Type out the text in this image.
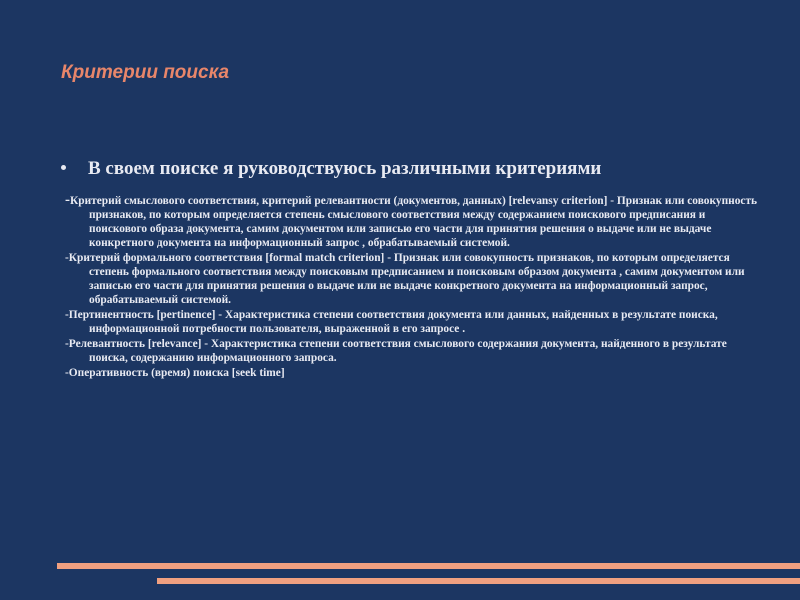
Критерии поиска
В своем поиске я руководствуюсь различными критериями

-Критерий смыслового соответствия, критерий релевантности (документов, данных) [relevansy criterion] - Признак или совокупность признаков, по которым определяется степень смыслового соответствия между содержанием поискового предписания и поискового образа документа, самим документом или записью его части для принятия решения о выдаче или не выдаче конкретного документа на информационный запрос , обрабатываемый системой.

-Критерий формального соответствия [formal match criterion] - Признак или совокупность признаков, по которым определяется степень формального соответствия между поисковым предписанием и поисковым образом документа , самим документом или записью его части для принятия решения о выдаче или не выдаче конкретного документа на информационный запрос, обрабатываемый системой.

-Пертинентность [pertinence] - Характеристика степени соответствия документа или данных, найденных в результате поиска, информационной потребности пользователя, выраженной в его запросе .

-Релевантность [relevance] - Характеристика степени соответствия смыслового содержания документа, найденного в результате поиска, содержанию информационного запроса.

-Оперативность (время) поиска [seek time]
